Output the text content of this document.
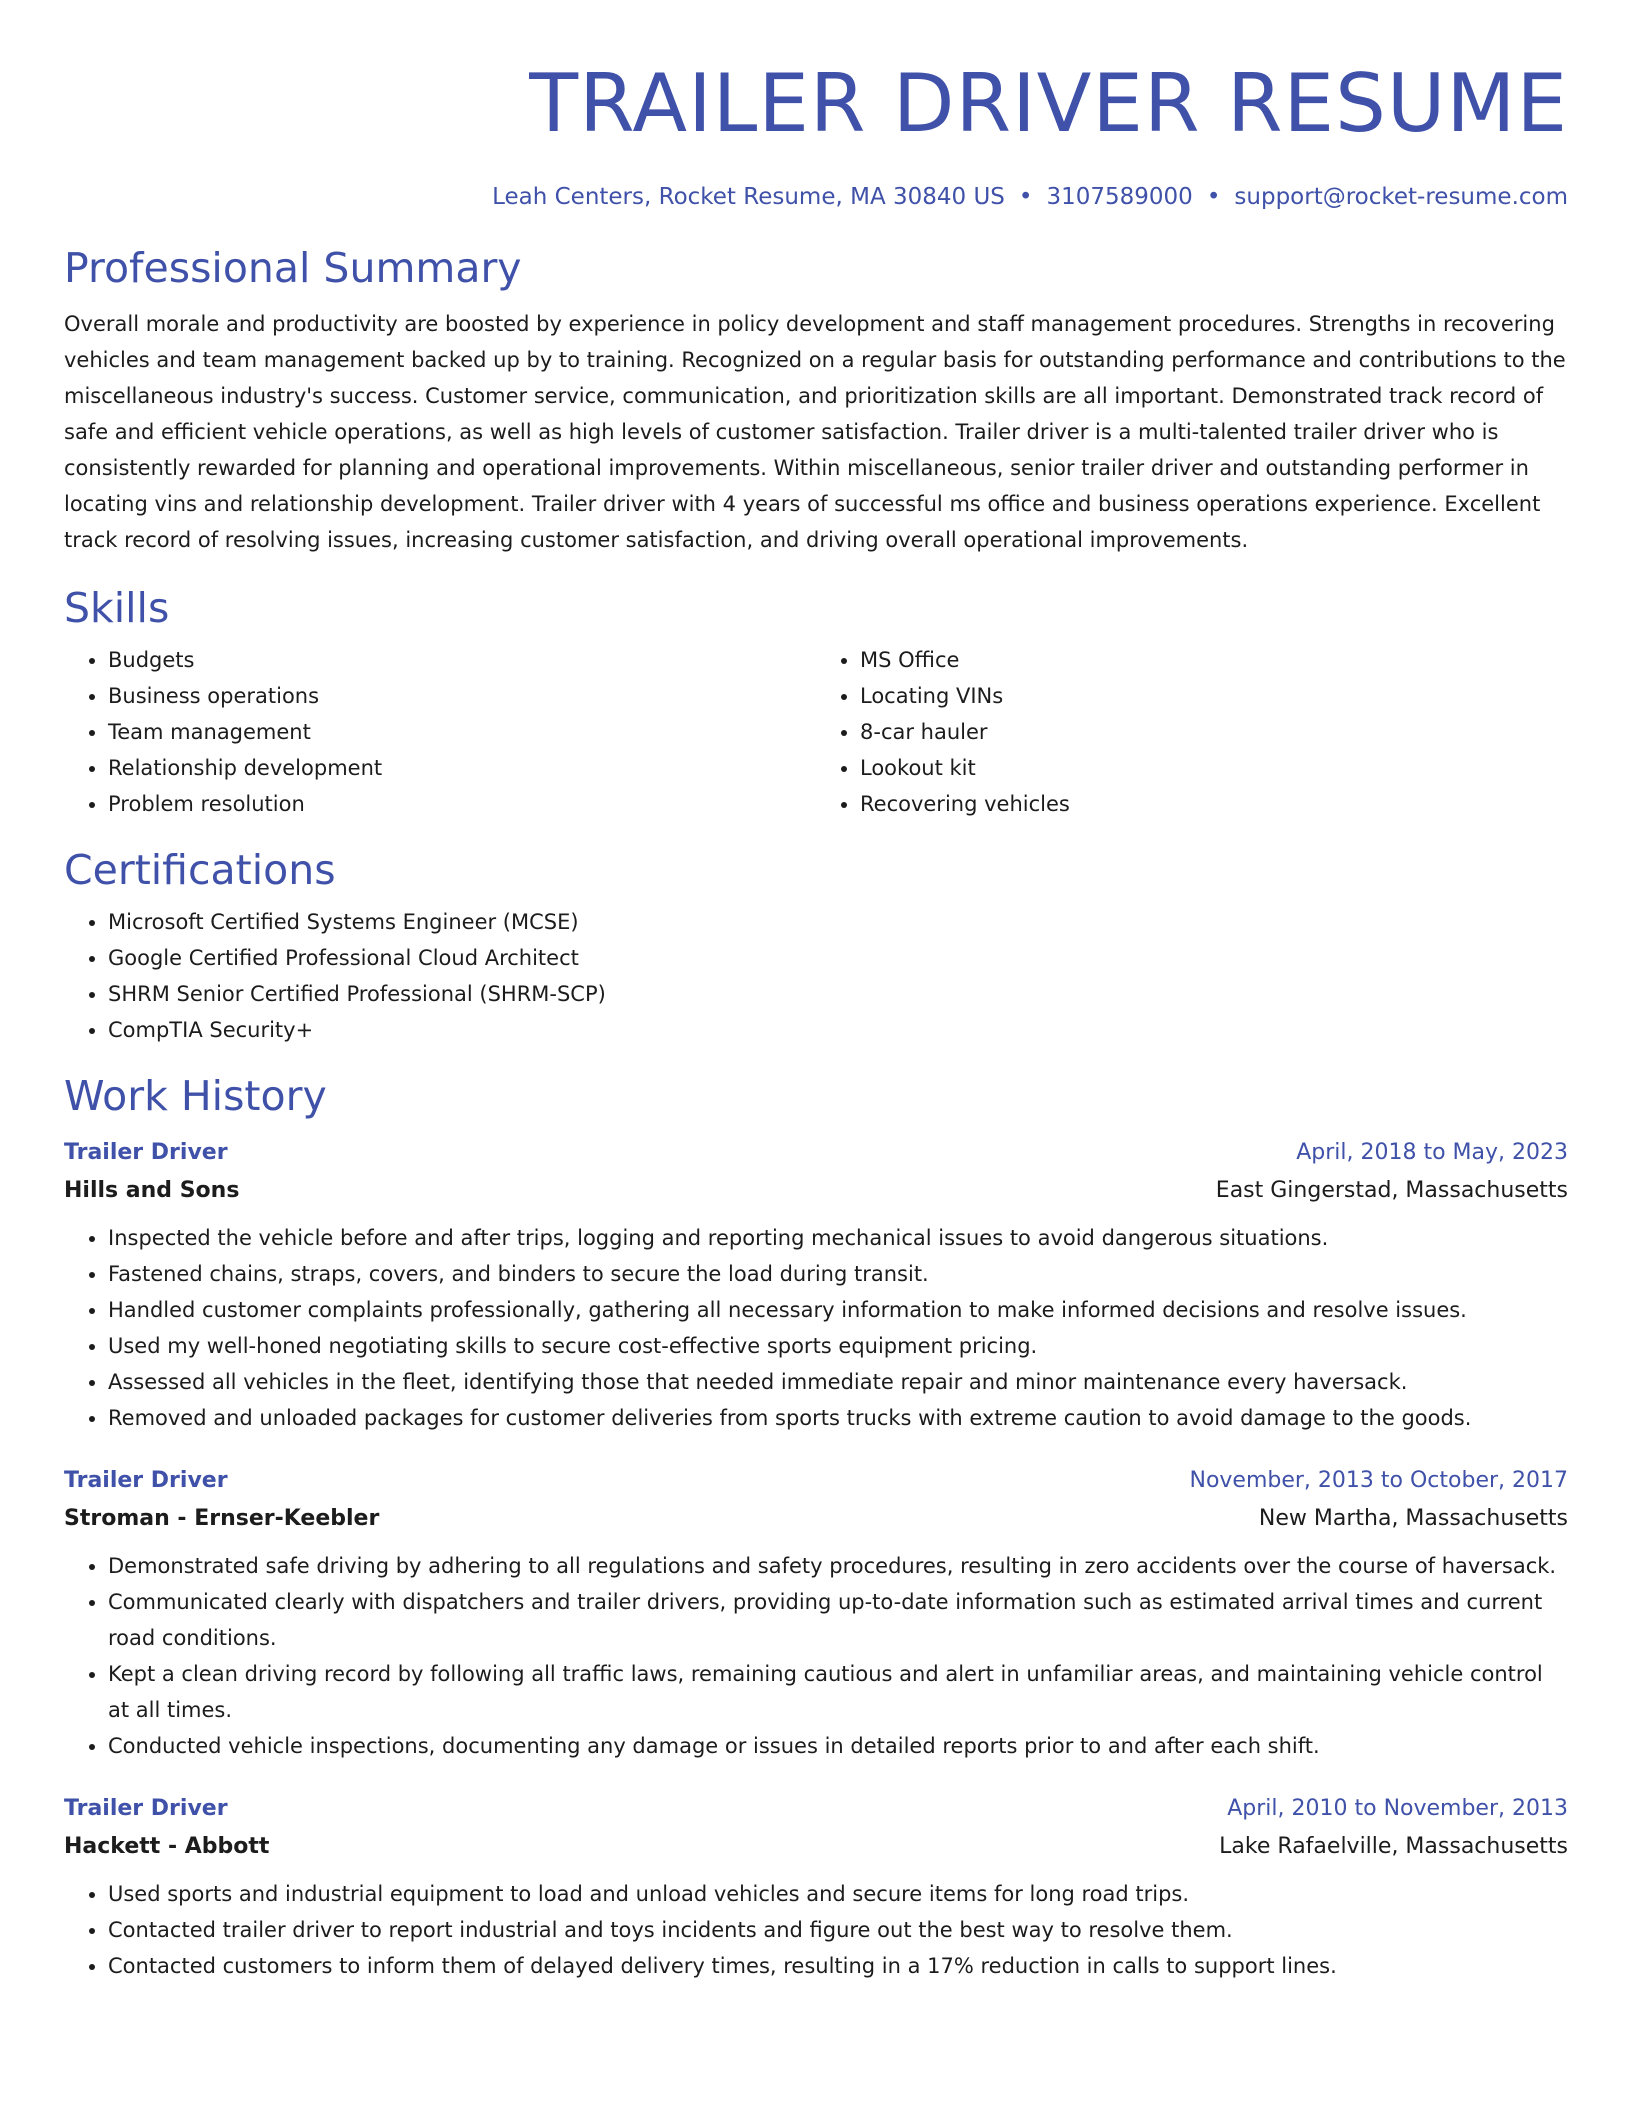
TRAILER DRIVER RESUME
Leah Centers, Rocket Resume, MA 30840 US • 3107589000 • support@rocket-resume.com
Professional Summary

Overall morale and productivity are boosted by experience in policy development and staff management procedures. Strengths in recovering vehicles and team management backed up by to training. Recognized on a regular basis for outstanding performance and contributions to the miscellaneous industry's success. Customer service, communication, and prioritization skills are all important. Demonstrated track record of safe and efficient vehicle operations, as well as high levels of customer satisfaction. Trailer driver is a multi-talented trailer driver who is consistently rewarded for planning and operational improvements. Within miscellaneous, senior trailer driver and outstanding performer in locating vins and relationship development. Trailer driver with 4 years of successful ms office and business operations experience. Excellent track record of resolving issues, increasing customer satisfaction, and driving overall operational improvements.

Skills
• Budgets
• Business operations
• Team management
• Relationship development
• Problem resolution
• MS Office
• Locating VINs
• 8-car hauler
• Lookout kit
• Recovering vehicles
Certifications
• Microsoft Certified Systems Engineer (MCSE)
• Google Certified Professional Cloud Architect
• SHRM Senior Certified Professional (SHRM-SCP)
• CompTIA Security+
Work History
Trailer Driver	April, 2018 to May, 2023
Hills and Sons	East Gingerstad, Massachusetts
• Inspected the vehicle before and after trips, logging and reporting mechanical issues to avoid dangerous situations.
• Fastened chains, straps, covers, and binders to secure the load during transit.
• Handled customer complaints professionally, gathering all necessary information to make informed decisions and resolve issues.
• Used my well-honed negotiating skills to secure cost-effective sports equipment pricing.
• Assessed all vehicles in the fleet, identifying those that needed immediate repair and minor maintenance every haversack.
• Removed and unloaded packages for customer deliveries from sports trucks with extreme caution to avoid damage to the goods.
Trailer Driver	November, 2013 to October, 2017
Stroman - Ernser-Keebler	New Martha, Massachusetts
• Demonstrated safe driving by adhering to all regulations and safety procedures, resulting in zero accidents over the course of haversack.
• Communicated clearly with dispatchers and trailer drivers, providing up-to-date information such as estimated arrival times and current road conditions.
• Kept a clean driving record by following all traffic laws, remaining cautious and alert in unfamiliar areas, and maintaining vehicle control at all times.
• Conducted vehicle inspections, documenting any damage or issues in detailed reports prior to and after each shift.
Trailer Driver	April, 2010 to November, 2013
Hackett - Abbott	Lake Rafaelville, Massachusetts
• Used sports and industrial equipment to load and unload vehicles and secure items for long road trips.
• Contacted trailer driver to report industrial and toys incidents and figure out the best way to resolve them.
• Contacted customers to inform them of delayed delivery times, resulting in a 17% reduction in calls to support lines.
